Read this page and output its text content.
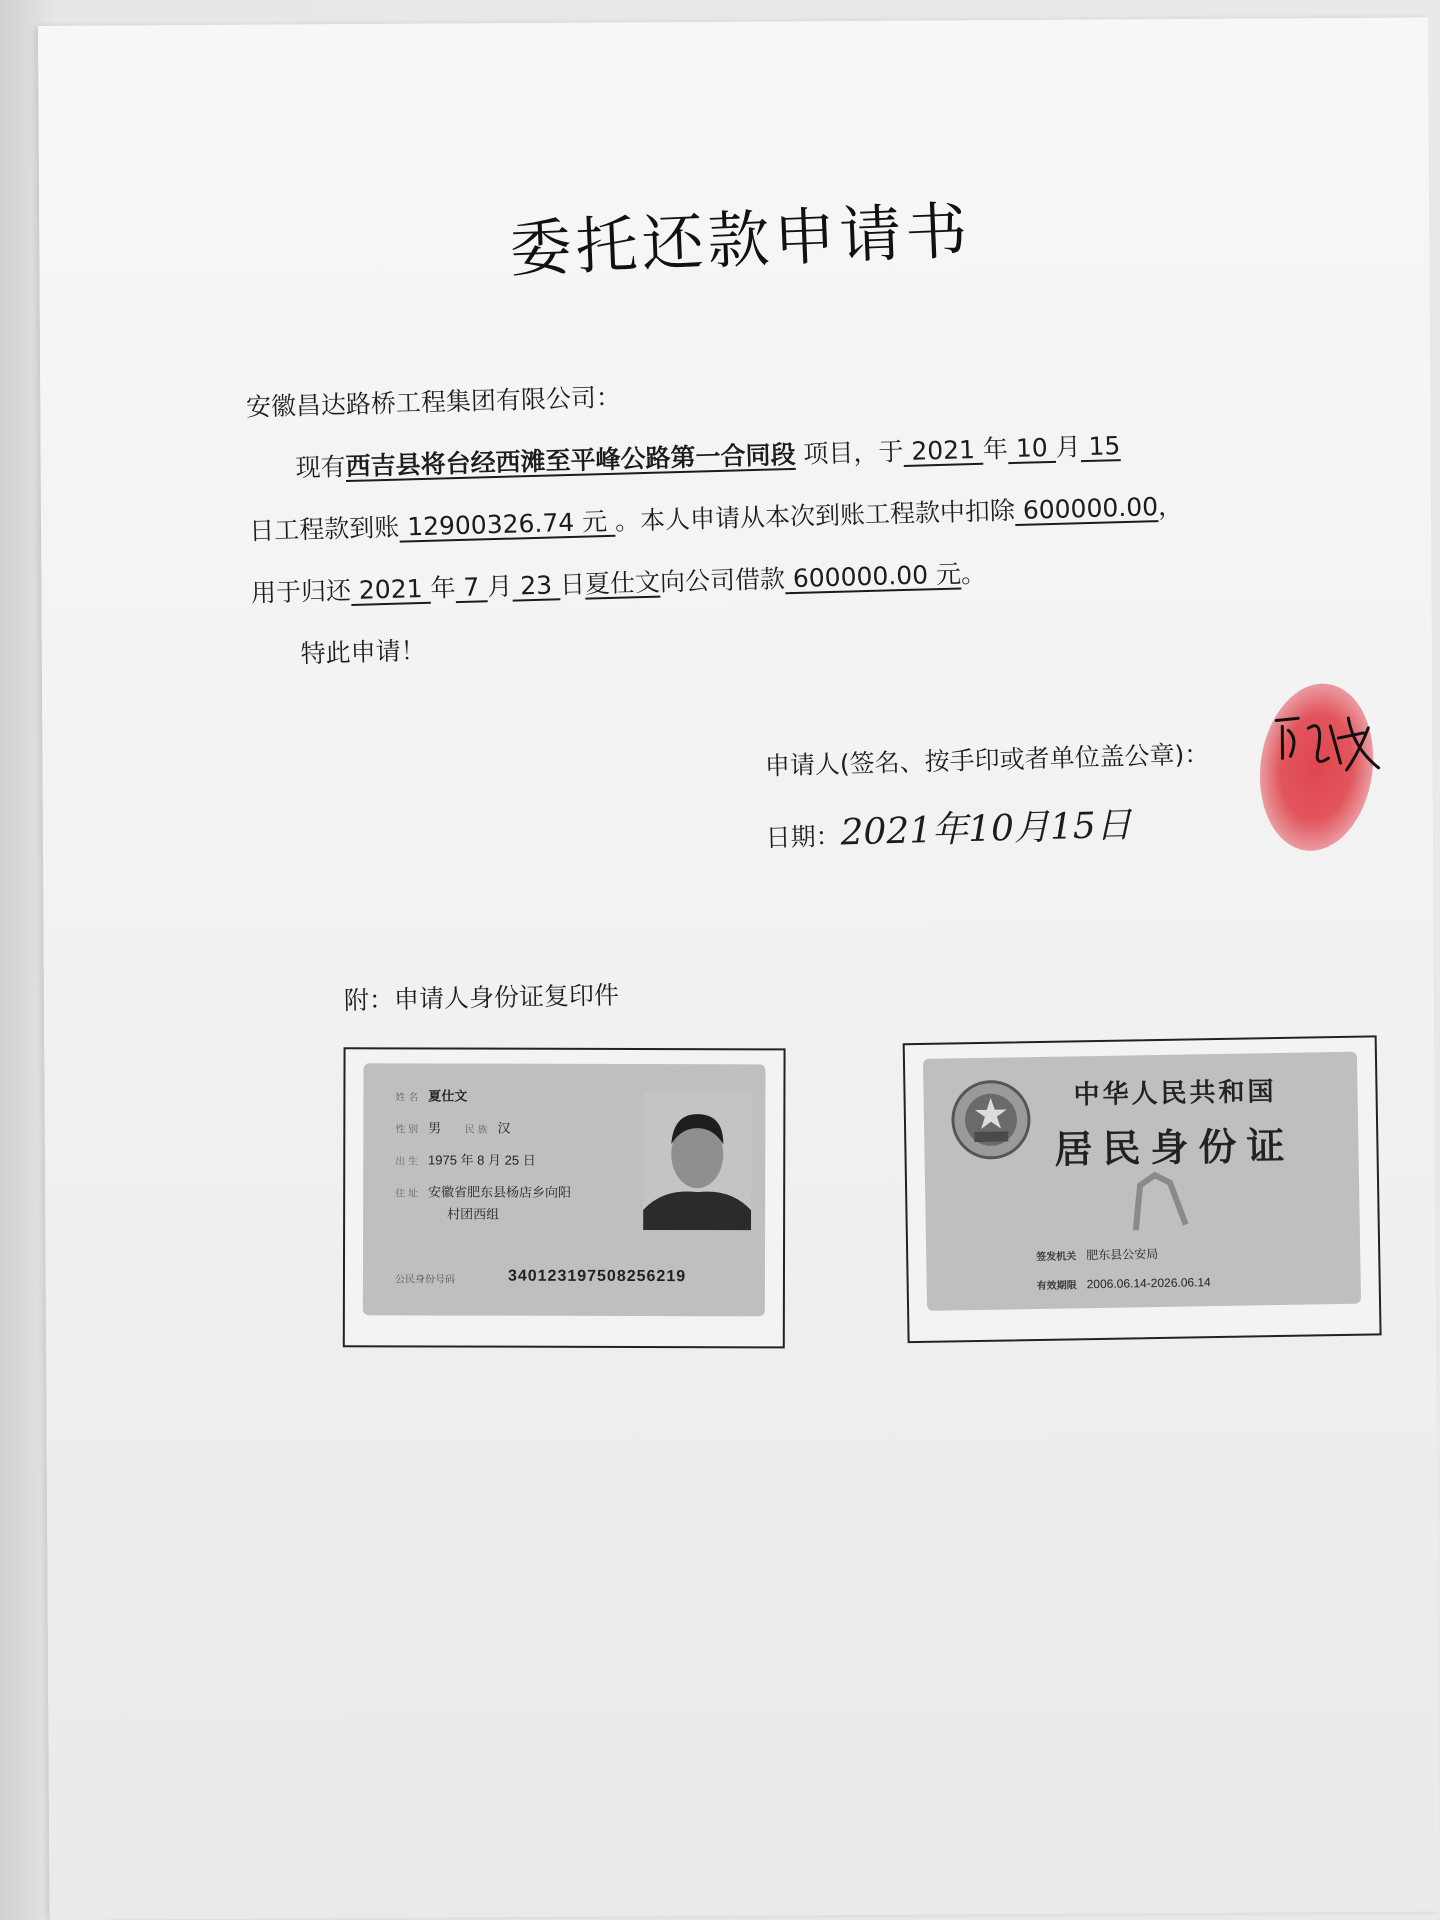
委托还款申请书
安徽昌达路桥工程集团有限公司：
现有西吉县将台经西滩至平峰公路第一合同段 项目，于 2021 年 10 月 15
日工程款到账 12900326.74 元 。本人申请从本次到账工程款中扣除 600000.00，
用于归还 2021 年 7 月 23 日夏仕文向公司借款 600000.00 元。
特此申请！
申请人(签名、按手印或者单位盖公章)：
日期：2021年10月15日
附：申请人身份证复印件
姓 名 夏仕文
性 别 男 民 族 汉
出 生 1975 年 8 月 25 日
住 址 安徽省肥东县杨店乡向阳
村团西组
公民身份号码	340123197508256219
中华人民共和国
居民身份证
签发机关 肥东县公安局
有效期限 2006.06.14-2026.06.14
